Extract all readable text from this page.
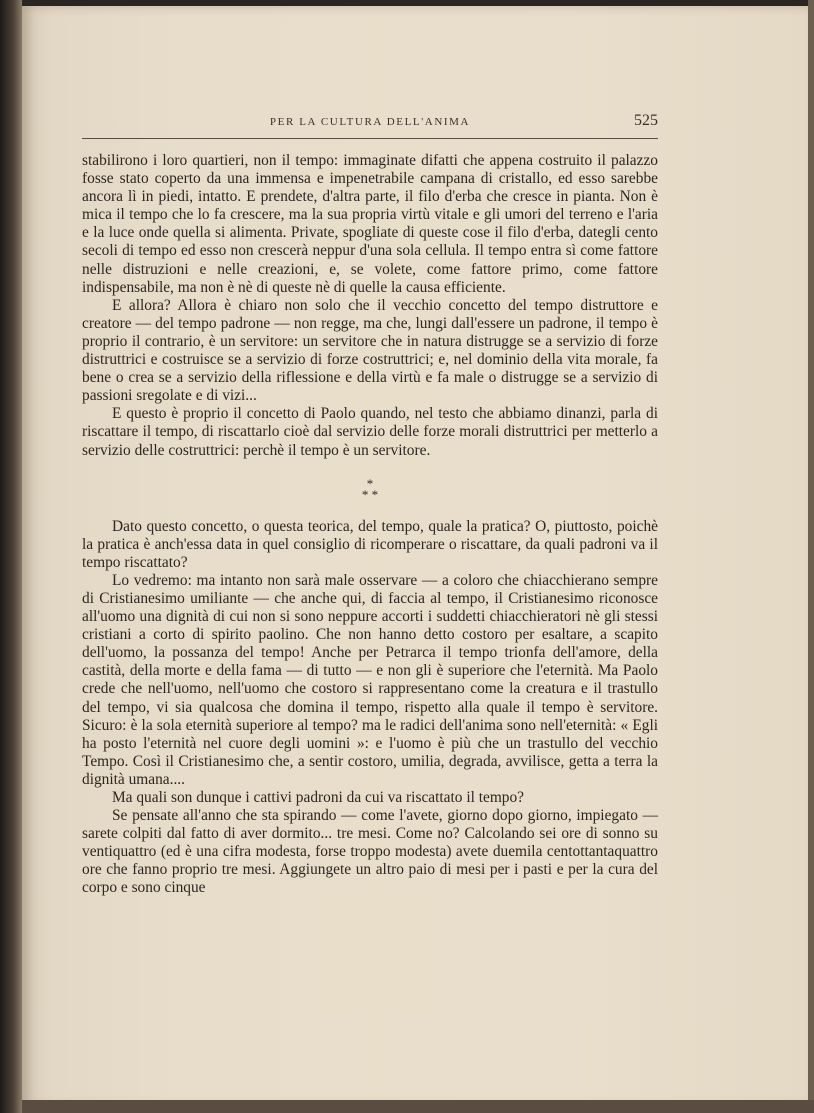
PER LA CULTURA DELL'ANIMA	525

stabilirono i loro quartieri, non il tempo: immaginate difatti che appena costruito il palazzo fosse stato coperto da una immensa e impenetrabile campana di cristallo, ed esso sarebbe ancora lì in piedi, intatto. E prendete, d'altra parte, il filo d'erba che cresce in pianta. Non è mica il tempo che lo fa crescere, ma la sua propria virtù vitale e gli umori del terreno e l'aria e la luce onde quella si alimenta. Private, spogliate di queste cose il filo d'erba, dategli cento secoli di tempo ed esso non crescerà neppur d'una sola cellula. Il tempo entra sì come fattore nelle distruzioni e nelle creazioni, e, se volete, come fattore primo, come fattore indispensabile, ma non è nè di queste nè di quelle la causa efficiente.

E allora? Allora è chiaro non solo che il vecchio concetto del tempo distruttore e creatore — del tempo padrone — non regge, ma che, lungi dall'essere un padrone, il tempo è proprio il contrario, è un servitore: un servitore che in natura distrugge se a servizio di forze distruttrici e costruisce se a servizio di forze costruttrici; e, nel dominio della vita morale, fa bene o crea se a servizio della riflessione e della virtù e fa male o distrugge se a servizio di passioni sregolate e di vizi...

E questo è proprio il concetto di Paolo quando, nel testo che abbiamo dinanzi, parla di riscattare il tempo, di riscattarlo cioè dal servizio delle forze morali distruttrici per metterlo a servizio delle costruttrici: perchè il tempo è un servitore.

*
* *

Dato questo concetto, o questa teorica, del tempo, quale la pratica? O, piuttosto, poichè la pratica è anch'essa data in quel consiglio di ricomperare o riscattare, da quali padroni va il tempo riscattato?

Lo vedremo: ma intanto non sarà male osservare — a coloro che chiacchierano sempre di Cristianesimo umiliante — che anche qui, di faccia al tempo, il Cristianesimo riconosce all'uomo una dignità di cui non si sono neppure accorti i suddetti chiacchieratori nè gli stessi cristiani a corto di spirito paolino. Che non hanno detto costoro per esaltare, a scapito dell'uomo, la possanza del tempo! Anche per Petrarca il tempo trionfa dell'amore, della castità, della morte e della fama — di tutto — e non gli è superiore che l'eternità. Ma Paolo crede che nell'uomo, nell'uomo che costoro si rappresentano come la creatura e il trastullo del tempo, vi sia qualcosa che domina il tempo, rispetto alla quale il tempo è servitore. Sicuro: è la sola eternità superiore al tempo? ma le radici dell'anima sono nell'eternità: « Egli ha posto l'eternità nel cuore degli uomini »: e l'uomo è più che un trastullo del vecchio Tempo. Così il Cristianesimo che, a sentir costoro, umilia, degrada, avvilisce, getta a terra la dignità umana....

Ma quali son dunque i cattivi padroni da cui va riscattato il tempo?

Se pensate all'anno che sta spirando — come l'avete, giorno dopo giorno, impiegato — sarete colpiti dal fatto di aver dormito... tre mesi. Come no? Calcolando sei ore di sonno su ventiquattro (ed è una cifra modesta, forse troppo modesta) avete duemila centottantaquattro ore che fanno proprio tre mesi. Aggiungete un altro paio di mesi per i pasti e per la cura del corpo e sono cinque
